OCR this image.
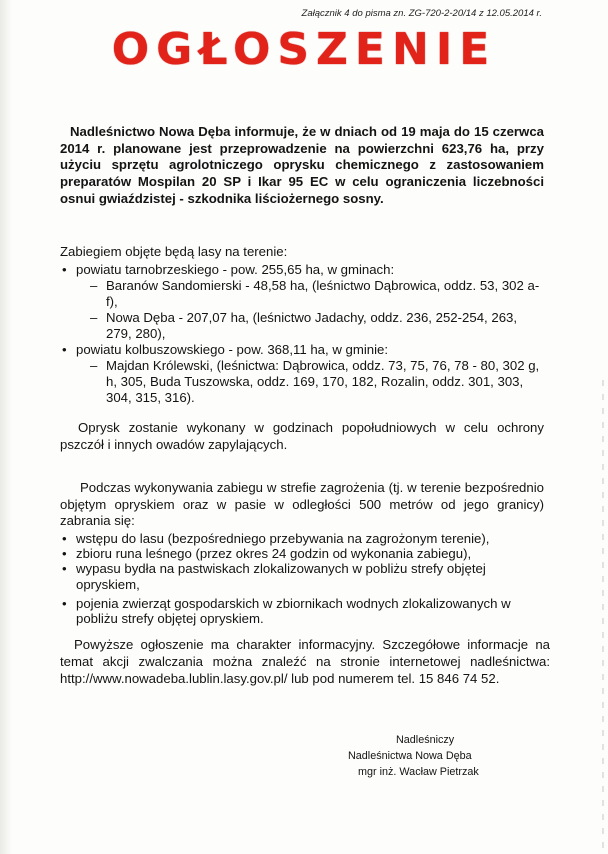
Załącznik 4 do pisma zn. ZG-720-2-20/14 z 12.05.2014 r.
OGŁOSZENIE
Nadleśnictwo Nowa Dęba informuje, że w dniach od 19 maja do 15 czerwca 2014 r. planowane jest przeprowadzenie na powierzchni 623,76 ha, przy użyciu sprzętu agrolotniczego oprysku chemicznego z zastosowaniem preparatów Mospilan 20 SP i Ikar 95 EC w celu ograniczenia liczebności osnui gwiaździstej - szkodnika liściożernego sosny.
Zabiegiem objęte będą lasy na terenie:
• powiatu tarnobrzeskiego - pow. 255,65 ha, w gminach:
– Baranów Sandomierski - 48,58 ha, (leśnictwo Dąbrowica, oddz. 53, 302 a-f),
– Nowa Dęba - 207,07 ha, (leśnictwo Jadachy, oddz. 236, 252-254, 263, 279, 280),
• powiatu kolbuszowskiego - pow. 368,11 ha, w gminie:
– Majdan Królewski, (leśnictwa: Dąbrowica, oddz. 73, 75, 76, 78 - 80, 302 g, h, 305, Buda Tuszowska, oddz. 169, 170, 182, Rozalin, oddz. 301, 303, 304, 315, 316).
Oprysk zostanie wykonany w godzinach popołudniowych w celu ochrony pszczół i innych owadów zapylających.
Podczas wykonywania zabiegu w strefie zagrożenia (tj. w terenie bezpośrednio objętym opryskiem oraz w pasie w odległości 500 metrów od jego granicy) zabrania się:
• wstępu do lasu (bezpośredniego przebywania na zagrożonym terenie),
• zbioru runa leśnego (przez okres 24 godzin od wykonania zabiegu),
• wypasu bydła na pastwiskach zlokalizowanych w pobliżu strefy objętej opryskiem,
• pojenia zwierząt gospodarskich w zbiornikach wodnych zlokalizowanych w pobliżu strefy objętej opryskiem.
Powyższe ogłoszenie ma charakter informacyjny. Szczegółowe informacje na temat akcji zwalczania można znaleźć na stronie internetowej nadleśnictwa: http://www.nowadeba.lublin.lasy.gov.pl/ lub pod numerem tel. 15 846 74 52.
Nadleśniczy
Nadleśnictwa Nowa Dęba
mgr inż. Wacław Pietrzak
